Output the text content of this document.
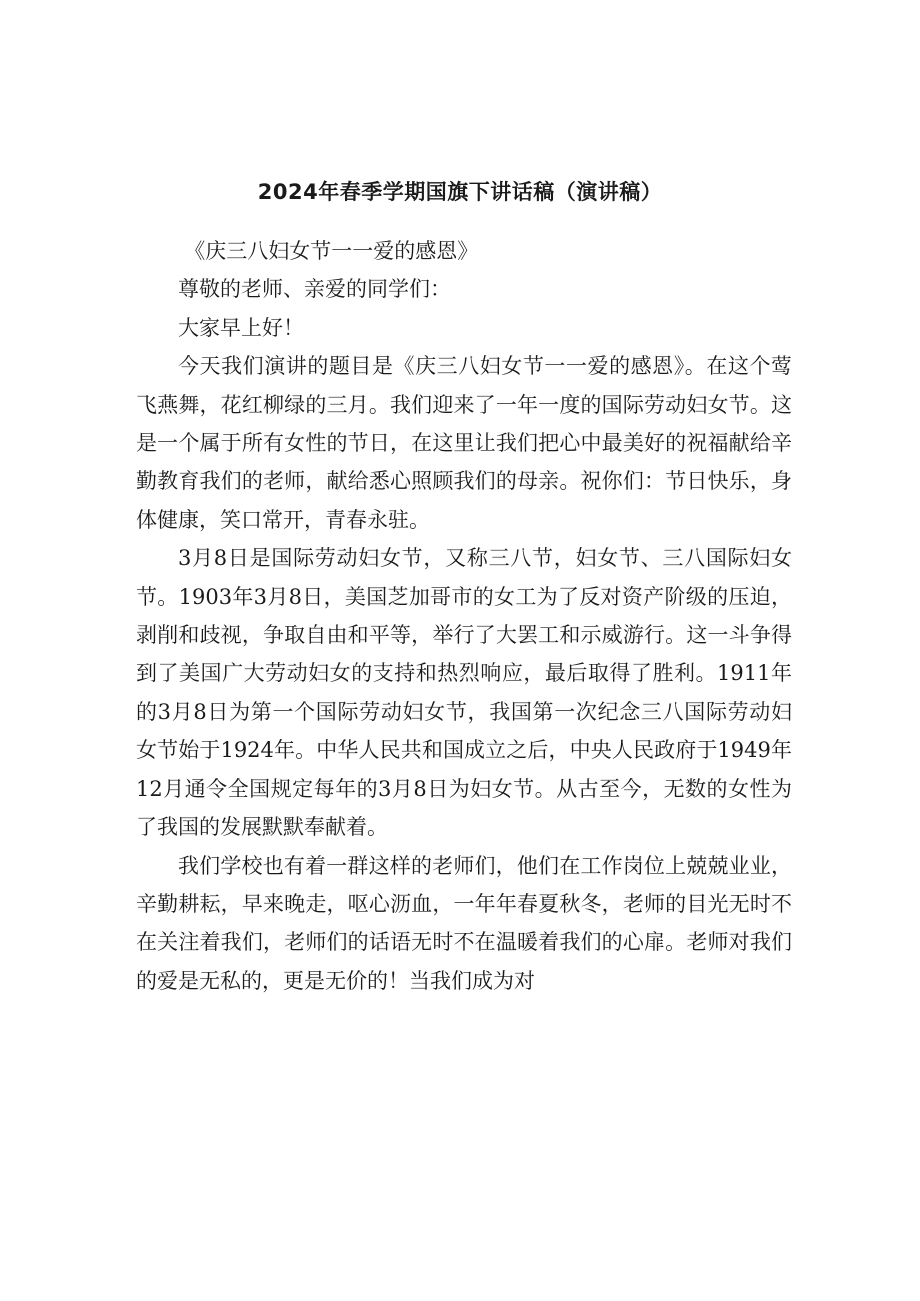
2024年春季学期国旗下讲话稿（演讲稿）

《庆三八妇女节一一爱的感恩》

尊敬的老师、亲爱的同学们：

大家早上好！

今天我们演讲的题目是《庆三八妇女节一一爱的感恩》。在这个莺飞燕舞，花红柳绿的三月。我们迎来了一年一度的国际劳动妇女节。这是一个属于所有女性的节日，在这里让我们把心中最美好的祝福献给辛勤教育我们的老师，献给悉心照顾我们的母亲。祝你们：节日快乐，身体健康，笑口常开，青春永驻。

3月8日是国际劳动妇女节，又称三八节，妇女节、三八国际妇女节。1903年3月8日，美国芝加哥市的女工为了反对资产阶级的压迫，剥削和歧视，争取自由和平等，举行了大罢工和示威游行。这一斗争得到了美国广大劳动妇女的支持和热烈响应，最后取得了胜利。1911年的3月8日为第一个国际劳动妇女节，我国第一次纪念三八国际劳动妇女节始于1924年。中华人民共和国成立之后，中央人民政府于1949年12月通令全国规定每年的3月8日为妇女节。从古至今，无数的女性为了我国的发展默默奉献着。

我们学校也有着一群这样的老师们，他们在工作岗位上兢兢业业，辛勤耕耘，早来晚走，呕心沥血，一年年春夏秋冬，老师的目光无时不在关注着我们，老师们的话语无时不在温暖着我们的心扉。老师对我们的爱是无私的，更是无价的！当我们成为对
